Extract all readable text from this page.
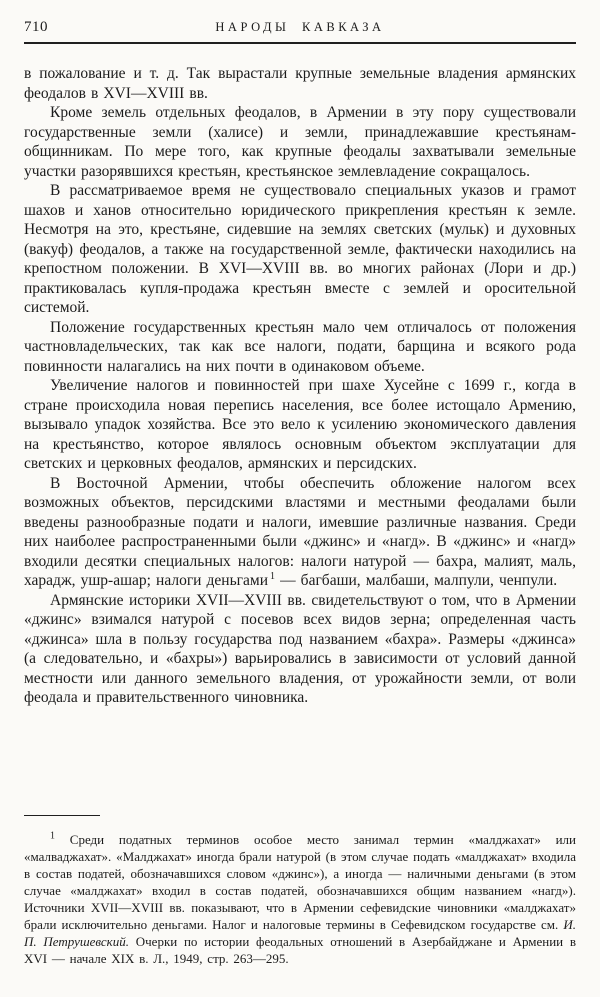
710	НАРОДЫ КАВКАЗА

в пожалование и т. д. Так вырастали крупные земельные владения армянских феодалов в XVI—XVIII вв.

Кроме земель отдельных феодалов, в Армении в эту пору существовали государственные земли (халисе) и земли, принадлежавшие крестьянам-общинникам. По мере того, как крупные феодалы захватывали земельные участки разорявшихся крестьян, крестьянское землевладение сокращалось.

В рассматриваемое время не существовало специальных указов и грамот шахов и ханов относительно юридического прикрепления крестьян к земле. Несмотря на это, крестьяне, сидевшие на землях светских (мульк) и духовных (вакуф) феодалов, а также на государственной земле, фактически находились на крепостном положении. В XVI—XVIII вв. во многих районах (Лори и др.) практиковалась купля-продажа крестьян вместе с землей и оросительной системой.

Положение государственных крестьян мало чем отличалось от положения частновладельческих, так как все налоги, подати, барщина и всякого рода повинности налагались на них почти в одинаковом объеме.

Увеличение налогов и повинностей при шахе Хусейне с 1699 г., когда в стране происходила новая перепись населения, все более истощало Армению, вызывало упадок хозяйства. Все это вело к усилению экономического давления на крестьянство, которое являлось основным объектом эксплуатации для светских и церковных феодалов, армянских и персидских.

В Восточной Армении, чтобы обеспечить обложение налогом всех возможных объектов, персидскими властями и местными феодалами были введены разнообразные подати и налоги, имевшие различные названия. Среди них наиболее распространенными были «джинс» и «нагд». В «джинс» и «нагд» входили десятки специальных налогов: налоги натурой — бахра, малият, маль, харадж, ушр-ашар; налоги деньгами $^1$ — багбаши, малбаши, малпули, ченпули.

Армянские историки XVII—XVIII вв. свидетельствуют о том, что в Армении «джинс» взимался натурой с посевов всех видов зерна; определенная часть «джинса» шла в пользу государства под названием «бахра». Размеры «джинса» (а следовательно, и «бахры») варьировались в зависимости от условий данной местности или данного земельного владения, от урожайности земли, от воли феодала и правительственного чиновника.

$^1$ Среди податных терминов особое место занимал термин «малджахат» или «малваджахат». «Малджахат» иногда брали натурой (в этом случае подать «малджахат» входила в состав податей, обозначавшихся словом «джинс»), а иногда — наличными деньгами (в этом случае «малджахат» входил в состав податей, обозначавшихся общим названием «нагд»). Источники XVII—XVIII вв. показывают, что в Армении сефевидские чиновники «малджахат» брали исключительно деньгами. Налог и налоговые термины в Сефевидском государстве см. И. П. Петрушевский. Очерки по истории феодальных отношений в Азербайджане и Армении в XVI — начале XIX в. Л., 1949, стр. 263—295.
